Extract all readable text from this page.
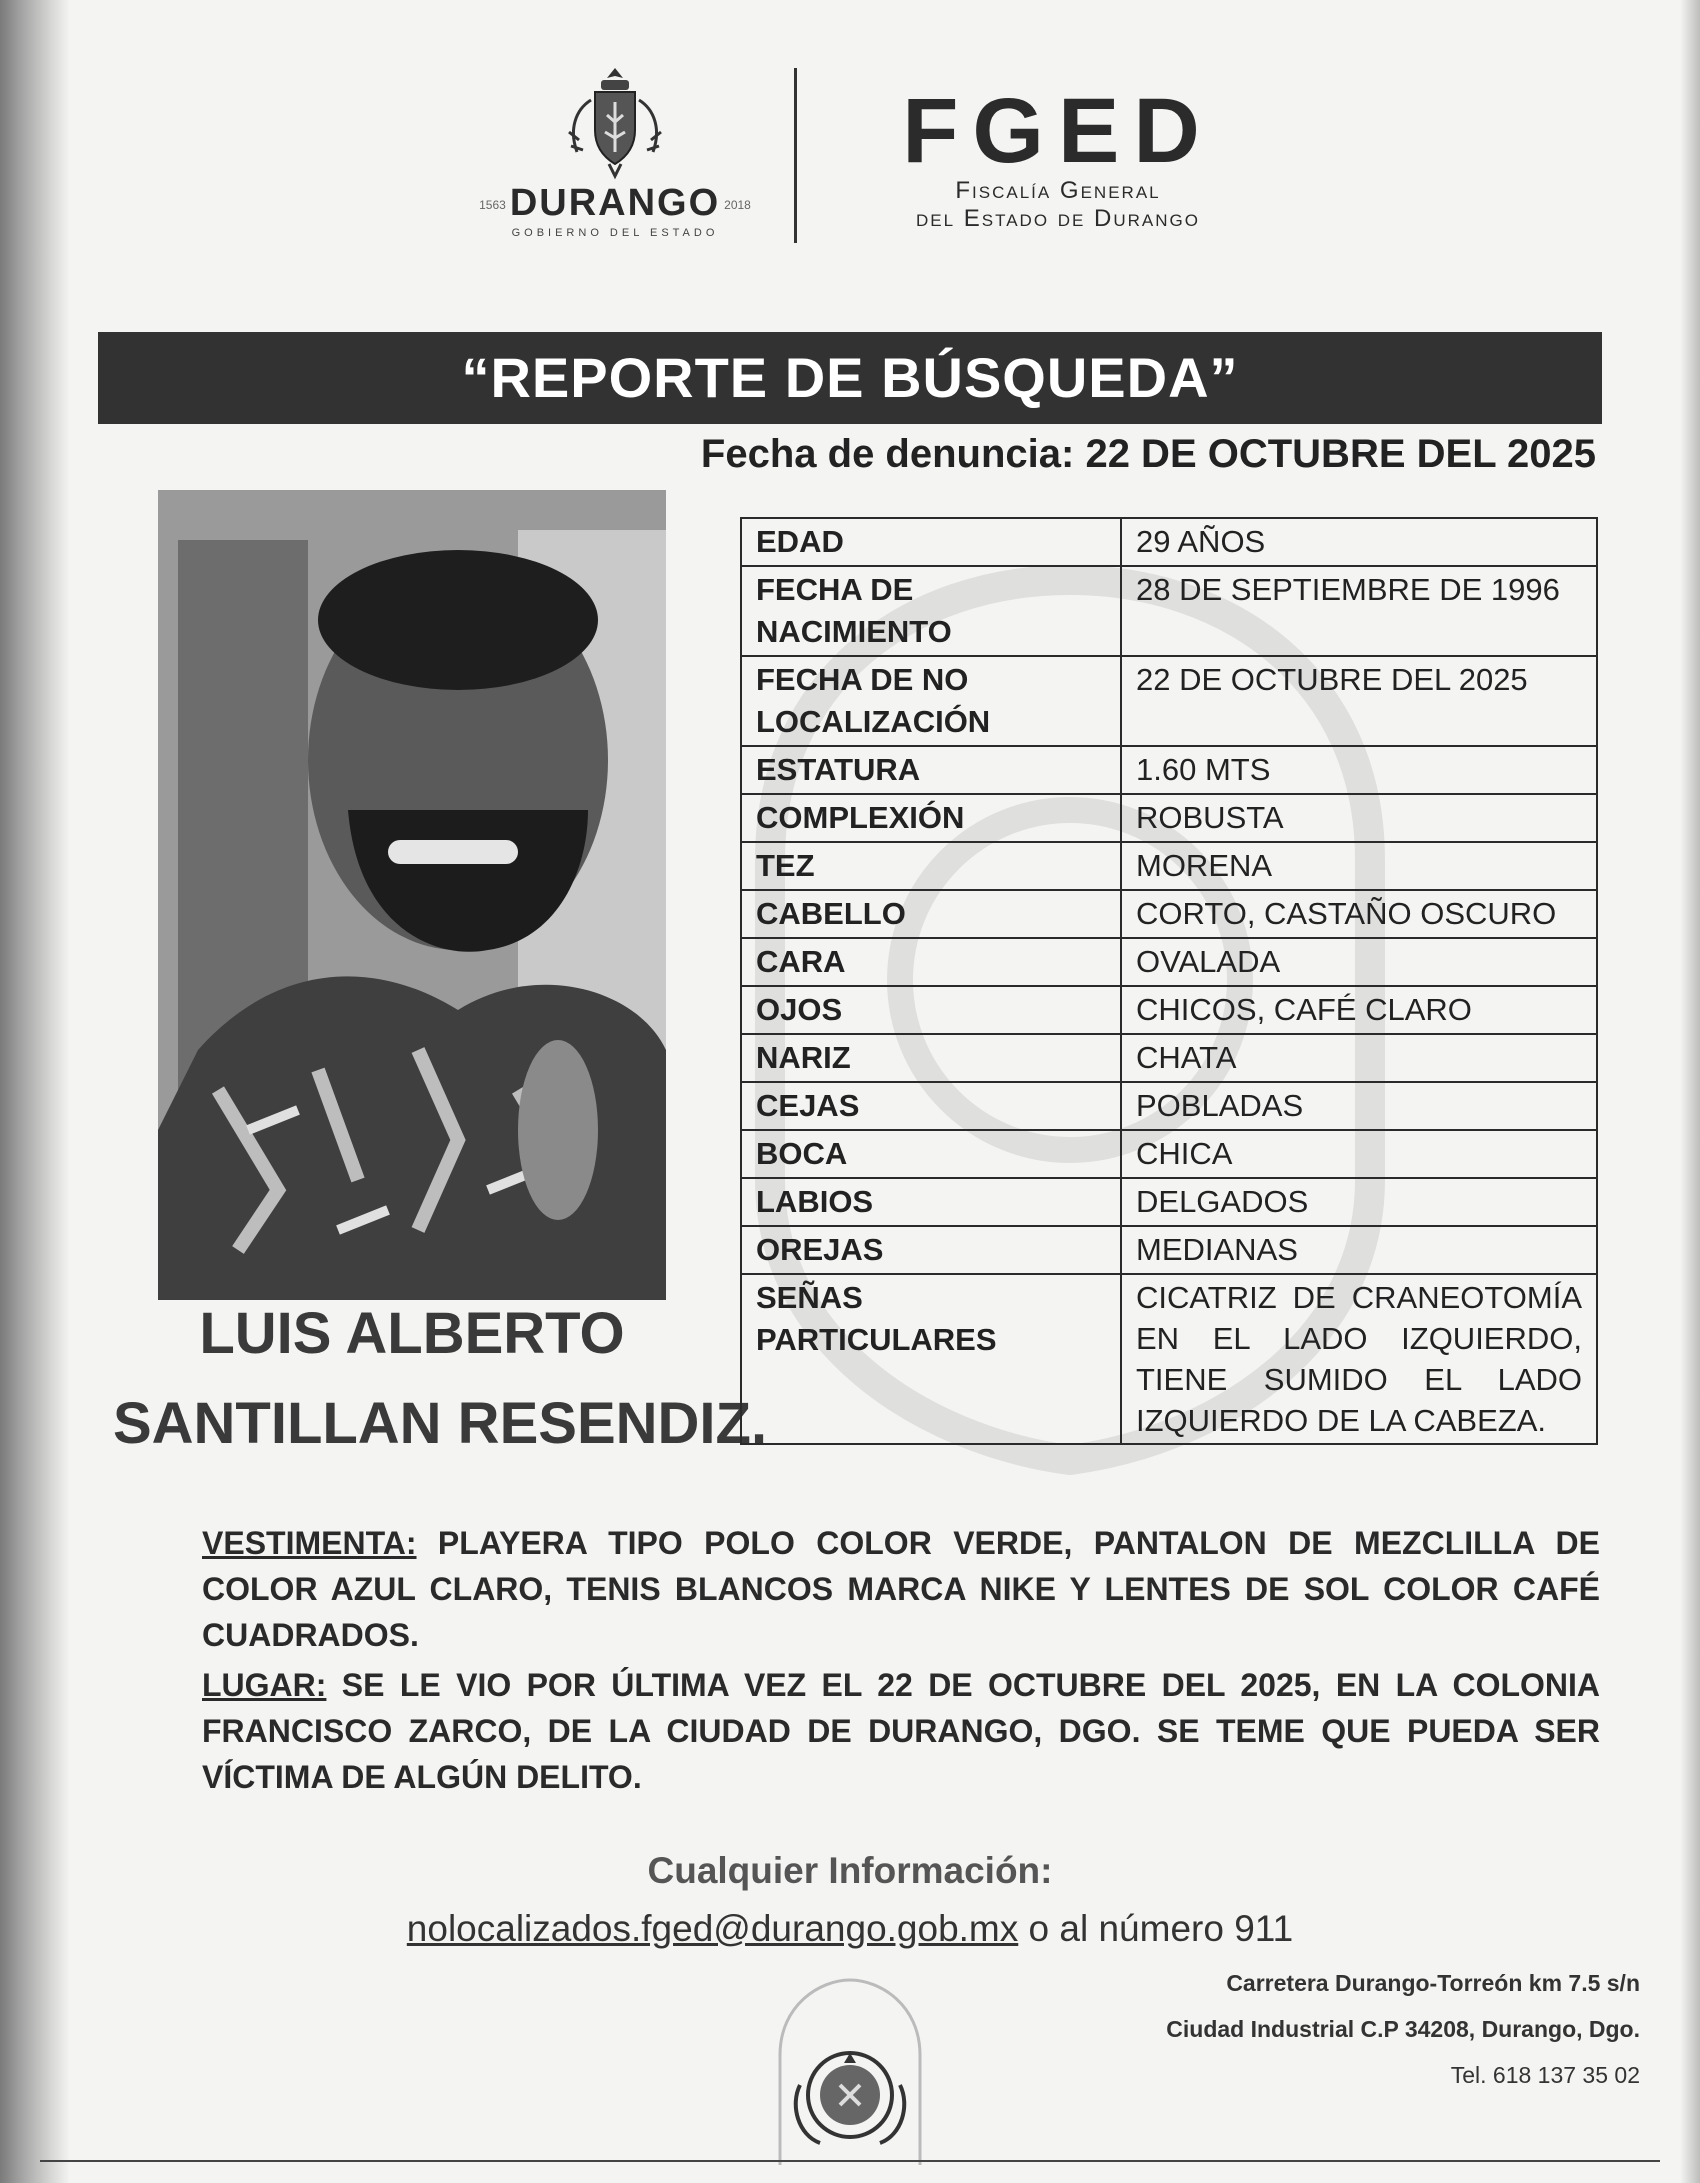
1563 DURANGO 2018
GOBIERNO DEL ESTADO
FGED
Fiscalía General
del Estado de Durango
“REPORTE DE BÚSQUEDA”
Fecha de denuncia: 22 DE OCTUBRE DEL 2025
LUIS ALBERTO
SANTILLAN RESENDIZ.
EDAD	29 AÑOS
FECHA DE NACIMIENTO	28 DE SEPTIEMBRE DE 1996
FECHA DE NO LOCALIZACIÓN	22 DE OCTUBRE DEL 2025
ESTATURA	1.60 MTS
COMPLEXIÓN	ROBUSTA
TEZ	MORENA
CABELLO	CORTO, CASTAÑO OSCURO
CARA	OVALADA
OJOS	CHICOS, CAFÉ CLARO
NARIZ	CHATA
CEJAS	POBLADAS
BOCA	CHICA
LABIOS	DELGADOS
OREJAS	MEDIANAS
SEÑAS PARTICULARES	CICATRIZ DE CRANEOTOMÍA EN EL LADO IZQUIERDO, TIENE SUMIDO EL LADO IZQUIERDO DE LA CABEZA.
VESTIMENTA: PLAYERA TIPO POLO COLOR VERDE, PANTALON DE MEZCLILLA DE COLOR AZUL CLARO, TENIS BLANCOS MARCA NIKE Y LENTES DE SOL COLOR CAFÉ CUADRADOS.
LUGAR: SE LE VIO POR ÚLTIMA VEZ EL 22 DE OCTUBRE DEL 2025, EN LA COLONIA FRANCISCO ZARCO, DE LA CIUDAD DE DURANGO, DGO. SE TEME QUE PUEDA SER VÍCTIMA DE ALGÚN DELITO.
Cualquier Información:
nolocalizados.fged@durango.gob.mx o al número 911
Carretera Durango-Torreón km 7.5 s/n
Ciudad Industrial C.P 34208, Durango, Dgo.
Tel. 618 137 35 02
